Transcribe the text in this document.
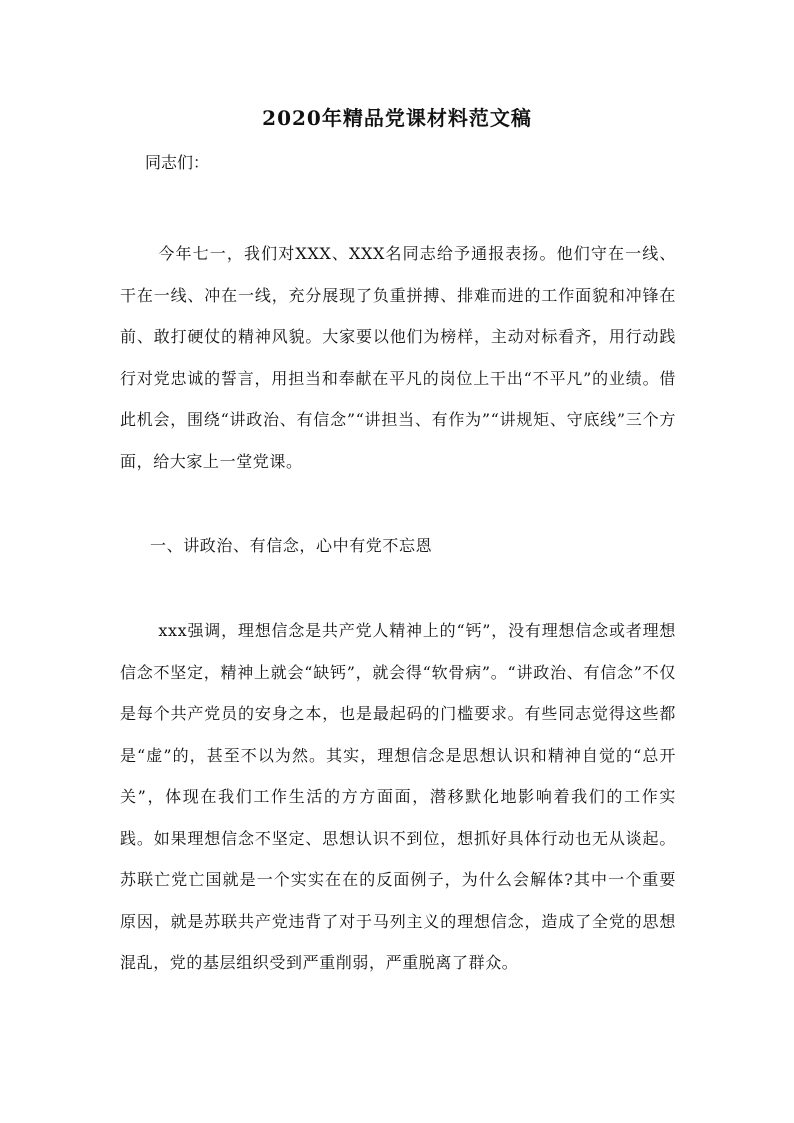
2020年精品党课材料范文稿

同志们：

今年七一，我们对XXX、XXX名同志给予通报表扬。他们守在一线、干在一线、冲在一线，充分展现了负重拼搏、排难而进的工作面貌和冲锋在前、敢打硬仗的精神风貌。大家要以他们为榜样，主动对标看齐，用行动践行对党忠诚的誓言，用担当和奉献在平凡的岗位上干出“不平凡”的业绩。借此机会，围绕“讲政治、有信念”“讲担当、有作为”“讲规矩、守底线”三个方面，给大家上一堂党课。

一、讲政治、有信念，心中有党不忘恩

xxx强调，理想信念是共产党人精神上的“钙”，没有理想信念或者理想信念不坚定，精神上就会“缺钙”，就会得“软骨病”。“讲政治、有信念”不仅是每个共产党员的安身之本，也是最起码的门槛要求。有些同志觉得这些都是“虚”的，甚至不以为然。其实，理想信念是思想认识和精神自觉的“总开关”，体现在我们工作生活的方方面面，潜移默化地影响着我们的工作实践。如果理想信念不坚定、思想认识不到位，想抓好具体行动也无从谈起。苏联亡党亡国就是一个实实在在的反面例子，为什么会解体?其中一个重要原因，就是苏联共产党违背了对于马列主义的理想信念，造成了全党的思想混乱，党的基层组织受到严重削弱，严重脱离了群众。
